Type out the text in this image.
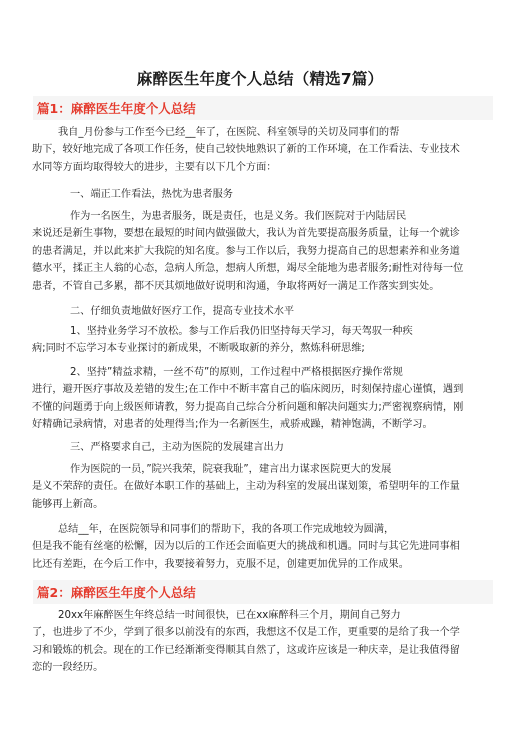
麻醉医生年度个人总结（精选7篇）
篇1：麻醉医生年度个人总结
我自_月份参与工作至今已经__年了，在医院、科室领导的关切及同事们的帮
助下，较好地完成了各项工作任务，使自己较快地熟识了新的工作环境，在工作看法、专业技术
水同等方面均取得较大的进步，主要有以下几个方面：
一、端正工作看法，热忱为患者服务
作为一名医生，为患者服务，既是责任，也是义务。我们医院对于内陆居民
来说还是新生事物，要想在最短的时间内做强做大，我认为首先要提高服务质量，让每一个就诊
的患者满足，并以此来扩大我院的知名度。参与工作以后，我努力提高自己的思想素养和业务道
德水平，揉正主人翁的心态，急病人所急，想病人所想，竭尽全能地为患者服务;耐性对待每一位
患者，不管自己多累，都不厌其烦地做好说明和沟通，争取将两好一满足工作落实到实处。
二、仔细负责地做好医疗工作，提高专业技术水平
1、坚持业务学习不放松。参与工作后我仍旧坚持每天学习，每天驾驭一种疾
病;同时不忘学习本专业探讨的新成果，不断吸取新的养分，熬炼科研思维;
2、坚持”精益求精，一丝不苟”的原则，工作过程中严格根据医疗操作常规
进行，避开医疗事故及差错的发生;在工作中不断丰富自己的临床阅历，时刻保持虚心谨慎，遇到
不懂的问题勇于向上级医师请教，努力提高自己综合分析问题和解决问题实力;严密视察病情，刚
好精确记录病情，对患者的处理得当;作为一名新医生，戒骄戒躁，精神饱满，不断学习。
三、严格要求自己，主动为医院的发展建言出力
作为医院的一员，”院兴我荣，院衰我耻”，建言出力谋求医院更大的发展
是义不荣辞的责任。在做好本职工作的基础上，主动为科室的发展出谋划策，希望明年的工作量
能够再上新高。
总结__年，在医院领导和同事们的帮助下，我的各项工作完成地较为圆满，
但是我不能有丝毫的松懈，因为以后的工作还会面临更大的挑战和机遇。同时与其它先进同事相
比还有差距，在今后工作中，我要接着努力，克服不足，创建更加优异的工作成果。
篇2：麻醉医生年度个人总结
20xx年麻醉医生年终总结一时间很快，已在xx麻醉科三个月，期间自己努力
了，也进步了不少，学到了很多以前没有的东西，我想这不仅是工作，更重要的是给了我一个学
习和锻炼的机会。现在的工作已经渐渐变得顺其自然了，这或许应该是一种庆幸，是让我值得留
恋的一段经历。
